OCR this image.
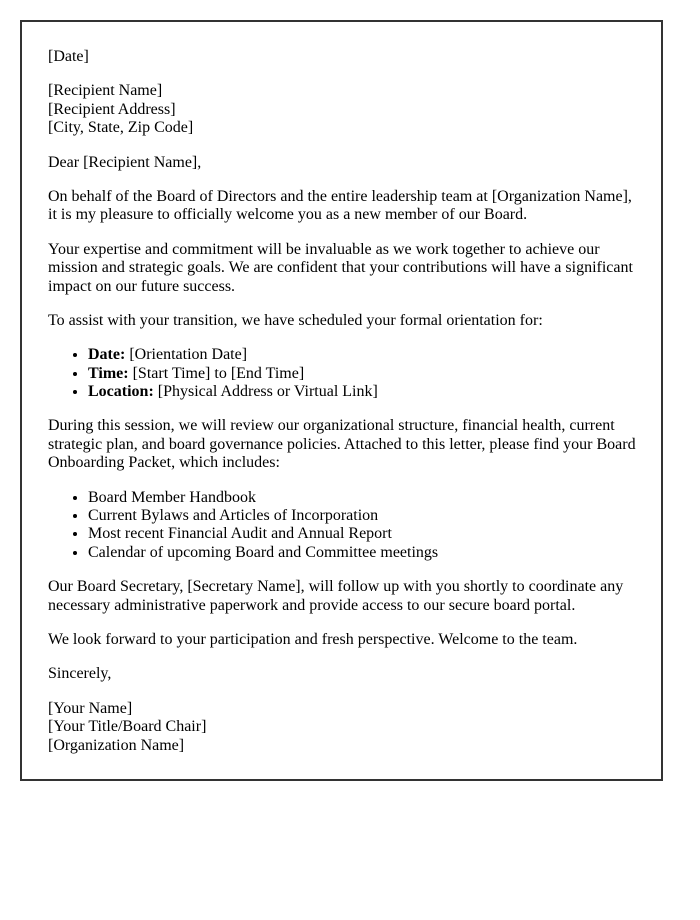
[Date]

[Recipient Name]
[Recipient Address]
[City, State, Zip Code]

Dear [Recipient Name],

On behalf of the Board of Directors and the entire leadership team at [Organization Name], it is my pleasure to officially welcome you as a new member of our Board.

Your expertise and commitment will be invaluable as we work together to achieve our mission and strategic goals. We are confident that your contributions will have a significant impact on our future success.

To assist with your transition, we have scheduled your formal orientation for:

• Date: [Orientation Date]
• Time: [Start Time] to [End Time]
• Location: [Physical Address or Virtual Link]

During this session, we will review our organizational structure, financial health, current strategic plan, and board governance policies. Attached to this letter, please find your Board Onboarding Packet, which includes:

• Board Member Handbook
• Current Bylaws and Articles of Incorporation
• Most recent Financial Audit and Annual Report
• Calendar of upcoming Board and Committee meetings

Our Board Secretary, [Secretary Name], will follow up with you shortly to coordinate any necessary administrative paperwork and provide access to our secure board portal.

We look forward to your participation and fresh perspective. Welcome to the team.

Sincerely,

[Your Name]
[Your Title/Board Chair]
[Organization Name]
